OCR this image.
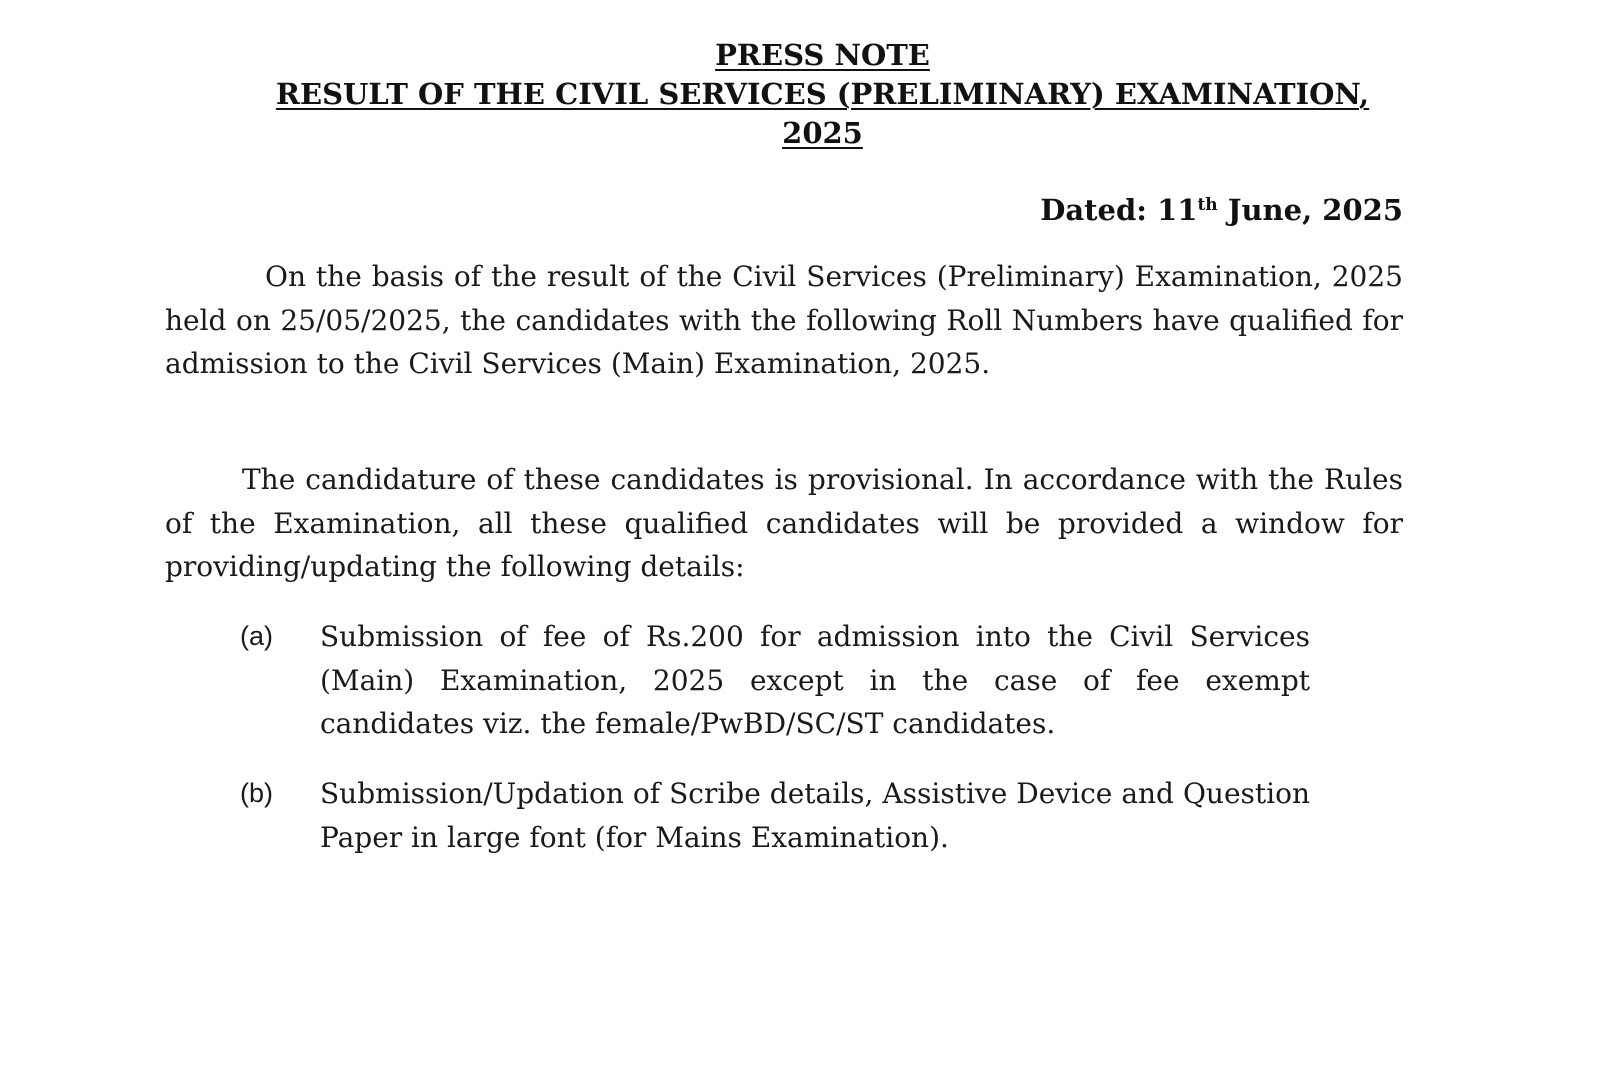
PRESS NOTE
RESULT OF THE CIVIL SERVICES (PRELIMINARY) EXAMINATION,
2025
Dated: 11th June, 2025

On the basis of the result of the Civil Services (Preliminary) Examination, 2025 held on 25/05/2025, the candidates with the following Roll Numbers have qualified for admission to the Civil Services (Main) Examination, 2025.

The candidature of these candidates is provisional. In accordance with the Rules of the Examination, all these qualified candidates will be provided a window for providing/updating the following details:

(a)	Submission of fee of Rs.200 for admission into the Civil Services (Main) Examination, 2025 except in the case of fee exempt candidates viz. the female/PwBD/SC/ST candidates.
(b)	Submission/Updation of Scribe details, Assistive Device and Question Paper in large font (for Mains Examination).
